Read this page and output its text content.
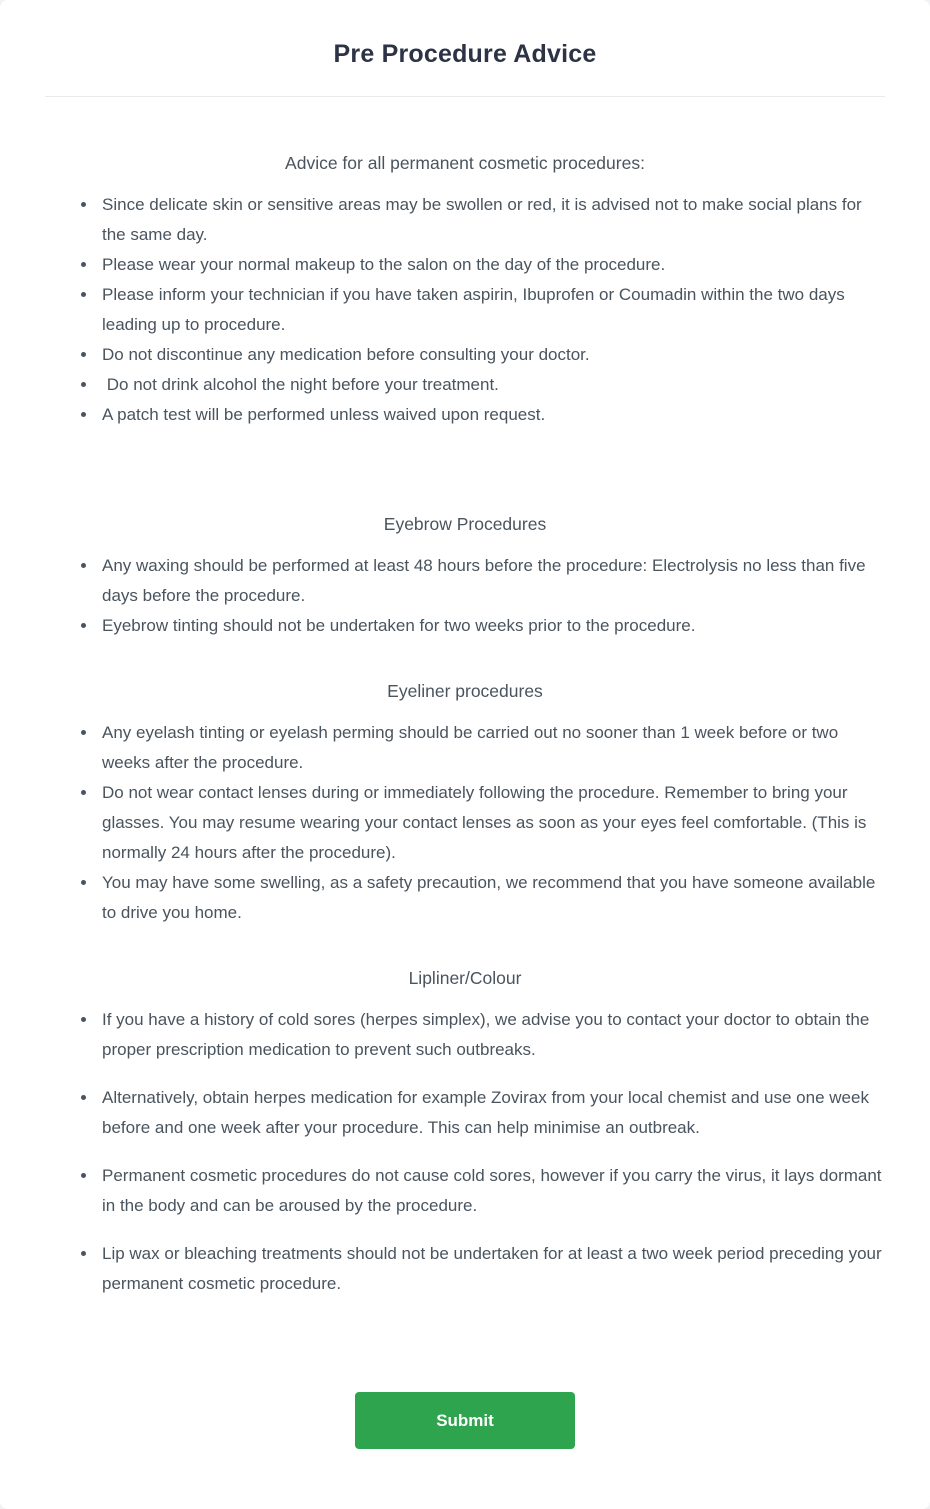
Pre Procedure Advice

Advice for all permanent cosmetic procedures:

• Since delicate skin or sensitive areas may be swollen or red, it is advised not to make social plans for the same day.
• Please wear your normal makeup to the salon on the day of the procedure.
• Please inform your technician if you have taken aspirin, Ibuprofen or Coumadin within the two days leading up to procedure.
• Do not discontinue any medication before consulting your doctor.
•  Do not drink alcohol the night before your treatment.
• A patch test will be performed unless waived upon request.

Eyebrow Procedures

• Any waxing should be performed at least 48 hours before the procedure: Electrolysis no less than five days before the procedure.
• Eyebrow tinting should not be undertaken for two weeks prior to the procedure.

Eyeliner procedures

• Any eyelash tinting or eyelash perming should be carried out no sooner than 1 week before or two weeks after the procedure.
• Do not wear contact lenses during or immediately following the procedure. Remember to bring your glasses. You may resume wearing your contact lenses as soon as your eyes feel comfortable. (This is normally 24 hours after the procedure).
• You may have some swelling, as a safety precaution, we recommend that you have someone available to drive you home.

Lipliner/Colour

• If you have a history of cold sores (herpes simplex), we advise you to contact your doctor to obtain the proper prescription medication to prevent such outbreaks.
• Alternatively, obtain herpes medication for example Zovirax from your local chemist and use one week before and one week after your procedure. This can help minimise an outbreak.
• Permanent cosmetic procedures do not cause cold sores, however if you carry the virus, it lays dormant in the body and can be aroused by the procedure.
• Lip wax or bleaching treatments should not be undertaken for at least a two week period preceding your permanent cosmetic procedure.
Submit
